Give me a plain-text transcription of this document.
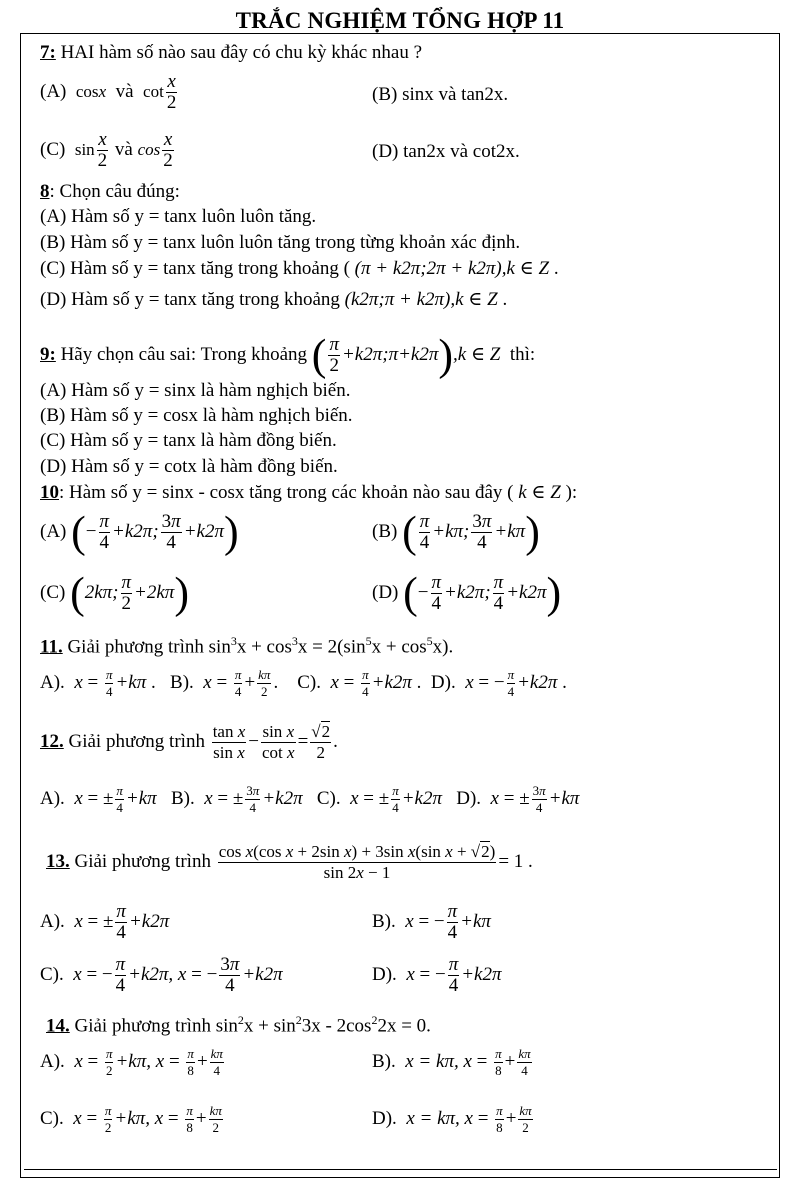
TRẮC NGHIỆM TỔNG HỢP 11
7: HAI hàm số nào sau đây có chu kỳ khác nhau ?
(A) cosx và $\cot \frac{x}{2}$	(B) sinx và tan2x.
(C) $\sin \frac{x}{2}$ và $\cos \frac{x}{2}$	(D) tan2x và cot2x.
8: Chọn câu đúng:
(A) Hàm số y = tanx luôn luôn tăng.
(B) Hàm số y = tanx luôn luôn tăng trong từng khoản xác định.
(C) Hàm số y = tanx tăng trong khoảng ( (π + k2π;2π + k2π),k ∈ Z .
(D) Hàm số y = tanx tăng trong khoảng (k2π;π + k2π),k ∈ Z .
9: Hãy chọn câu sai: Trong khoảng ( $\frac{\pi}{2}$ +k2π;π+k2π),k ∈ Z thì:
(A) Hàm số y = sinx là hàm nghịch biến.
(B) Hàm số y = cosx là hàm nghịch biến.
(C) Hàm số y = tanx là hàm đồng biến.
(D) Hàm số y = cotx là hàm đồng biến.
10: Hàm số y = sinx - cosx tăng trong các khoản nào sau đây ( k ∈ Z ):
(A) (− $\frac{\pi}{4} +k2\pi$; $\frac{3\pi}{4} +k2\pi$)	(B) ( $\frac{\pi}{4} +k\pi$; $\frac{3\pi}{4} +k\pi$)
(C) (2kπ; $\frac{\pi}{2} +2k\pi$)	(D) (− $\frac{\pi}{4} +k2\pi$; $\frac{\pi}{4} +k2\pi$)
11. Giải phương trình $\sin^3x + \cos^3x = 2(\sin^5x + \cos^5x)$.
A). $x = \frac{\pi}{4} +k\pi$ .   B). $x = \frac{\pi}{4} + \frac{k\pi}{2}$ .    C). $x = \frac{\pi}{4} +k2\pi$ .  D). x = − $\frac{\pi}{4} +k2\pi$ .
12. Giải phương trình $\frac{\text{tan x}}{\text{sin x}} - \frac{\text{sin x}}{\text{cot x}} = \frac{√2}{2}$ .
A). x = ± $\frac{\pi}{4} +k\pi$ B). x = ± $\frac{3\pi}{4} +k2\pi$ C). x = ± $\frac{\pi}{4} +k2\pi$ D). x = ± $\frac{3\pi}{4} +k\pi$
13. Giải phương trình $\frac{\text{cos x(cos x + 2sin x) + 3sin x(sin x + √2)}}{\sin 2x - 1} = 1$ .
A). x = ± $\frac{\pi}{4} +k2\pi$	B). x = − $\frac{\pi}{4} +k\pi$
C). x = − $\frac{\pi}{4} +k2\pi$, x = − $\frac{3\pi}{4} +k2\pi$	D). x = − $\frac{\pi}{4} +k2\pi$
14. Giải phương trình $\sin^2x + \sin^23x - 2\cos^22x = 0$.
A). $x = \frac{\pi}{2} +k\pi$, $x = \frac{\pi}{8} + \frac{k\pi}{4}$	B). x = kπ, $x = \frac{\pi}{8} + \frac{k\pi}{4}$
C). $x = \frac{\pi}{2} +k\pi$, $x = \frac{\pi}{8} + \frac{k\pi}{2}$	D). x = kπ, $x = \frac{\pi}{8} + \frac{k\pi}{2}$
